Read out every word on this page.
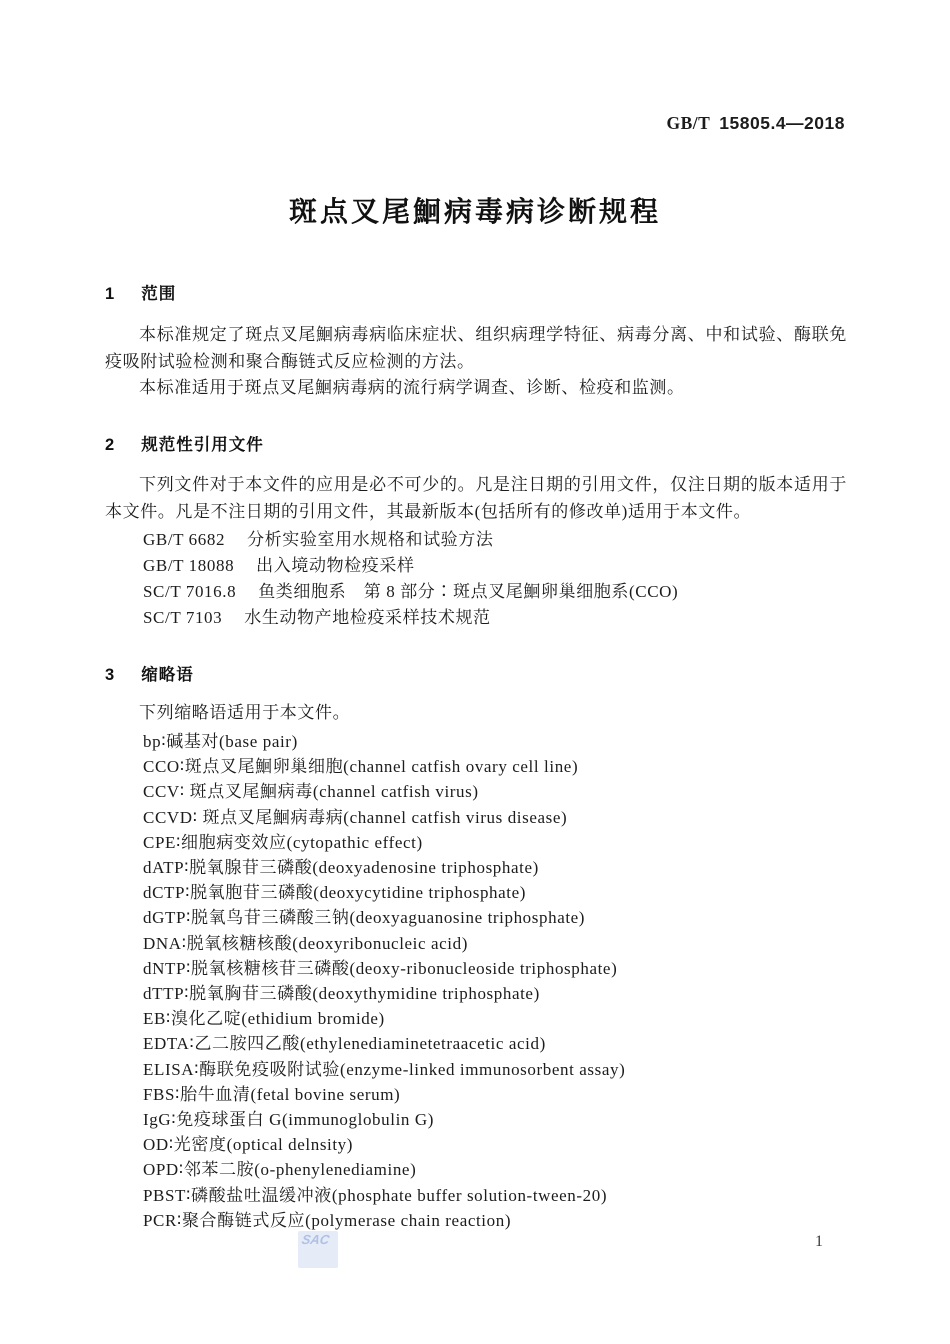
GB/T 15805.4—2018
斑点叉尾鮰病毒病诊断规程
1 范围

本标准规定了斑点叉尾鮰病毒病临床症状、组织病理学特征、病毒分离、中和试验、酶联免疫吸附试验检测和聚合酶链式反应检测的方法。

本标准适用于斑点叉尾鮰病毒病的流行病学调查、诊断、检疫和监测。

2 规范性引用文件

下列文件对于本文件的应用是必不可少的。凡是注日期的引用文件，仅注日期的版本适用于本文件。凡是不注日期的引用文件，其最新版本(包括所有的修改单)适用于本文件。

GB/T 6682 分析实验室用水规格和试验方法
GB/T 18088 出入境动物检疫采样
SC/T 7016.8 鱼类细胞系　第 8 部分∶斑点叉尾鮰卵巢细胞系(CCO)
SC/T 7103 水生动物产地检疫采样技术规范
3 缩略语

下列缩略语适用于本文件。

bp∶碱基对(base pair)
CCO∶斑点叉尾鮰卵巢细胞(channel catfish ovary cell line)
CCV∶ 斑点叉尾鮰病毒(channel catfish virus)
CCVD∶ 斑点叉尾鮰病毒病(channel catfish virus disease)
CPE∶细胞病变效应(cytopathic effect)
dATP∶脱氧腺苷三磷酸(deoxyadenosine triphosphate)
dCTP∶脱氧胞苷三磷酸(deoxycytidine triphosphate)
dGTP∶脱氧鸟苷三磷酸三钠(deoxyaguanosine triphosphate)
DNA∶脱氧核糖核酸(deoxyribonucleic acid)
dNTP∶脱氧核糖核苷三磷酸(deoxy-ribonucleoside triphosphate)
dTTP∶脱氧胸苷三磷酸(deoxythymidine triphosphate)
EB∶溴化乙啶(ethidium bromide)
EDTA∶乙二胺四乙酸(ethylenediaminetetraacetic acid)
ELISA∶酶联免疫吸附试验(enzyme-linked immunosorbent assay)
FBS∶胎牛血清(fetal bovine serum)
IgG∶免疫球蛋白 G(immunoglobulin G)
OD∶光密度(optical delnsity)
OPD∶邻苯二胺(o-phenylenediamine)
PBST∶磷酸盐吐温缓冲液(phosphate buffer solution-tween-20)
PCR∶聚合酶链式反应(polymerase chain reaction)
SAC	1
